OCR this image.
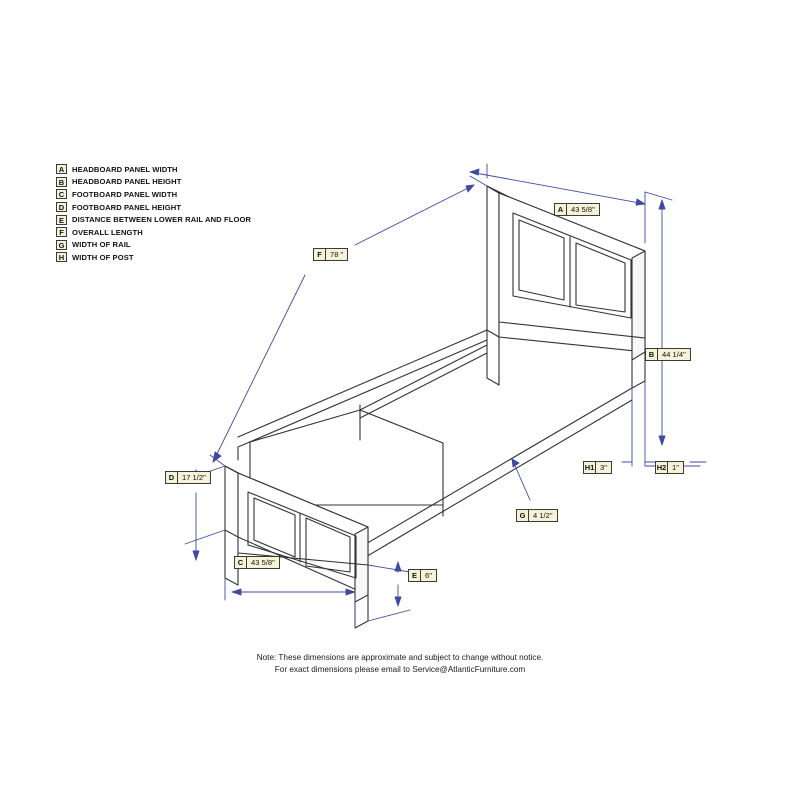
A	HEADBOARD PANEL WIDTH
B	HEADBOARD PANEL HEIGHT
C	FOOTBOARD PANEL WIDTH
D	FOOTBOARD PANEL HEIGHT
E	DISTANCE BETWEEN LOWER RAIL AND FLOOR
F	OVERALL LENGTH
G WIDTH OF RAIL
H	WIDTH OF POST
A	43 5/8"
B	44 1/4"
C	43 5/8"
D	17 1/2"
E	6"
F	78 "
G 4 1/2"
H1 3"	H2 1"
Note: These dimensions are approximate and subject to change without notice.
For exact dimensions please email to Service@AtlanticFurniture.com
